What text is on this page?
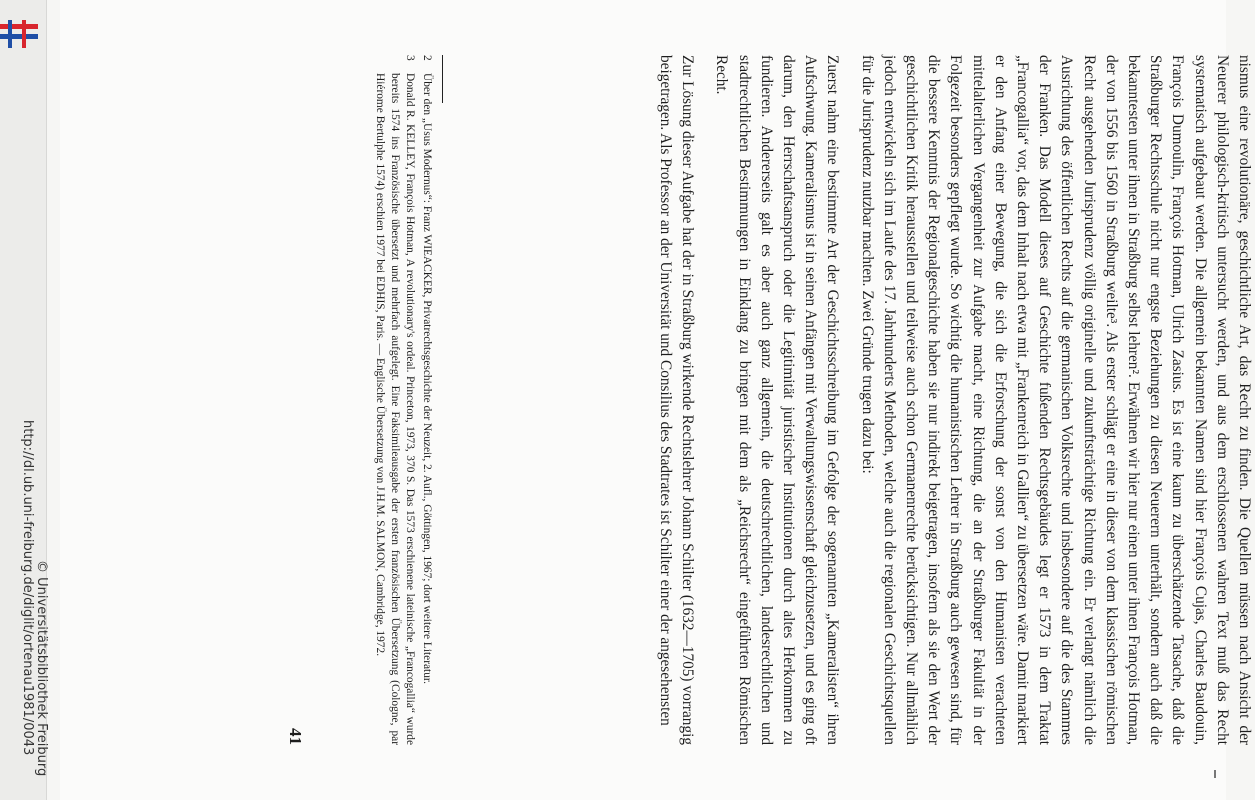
http://dl.ub.uni-freiburg.de/diglit/ortenau1981/0043 © Universitätsbibliothek Freiburg	nismus eine revolutionäre, geschichtliche Art, das Recht zu finden. Die Quellen müssen nach Ansicht der Neuerer philologisch-kritisch untersucht werden, und aus dem erschlossenen wahren Text muß das Recht systematisch aufgebaut werden. Die allgemein bekannten Namen sind hier François Cujas, Charles Baudouin, François Dumoulin, François Hotman, Ulrich Zasius. Es ist eine kaum zu überschätzende Tatsache, daß die Straßburger Rechtsschule nicht nur engste Beziehungen zu diesen Neuerern unterhält, sondern auch daß die bekanntesten unter ihnen in Straßburg selbst lehren². Erwähnen wir hier nur einen unter ihnen François Hotman, der von 1556 bis 1560 in Straßburg weilte³. Als erster schlägt er eine in dieser von dem klassischen römischen Recht ausgehenden Jurisprudenz völlig originelle und zukunftsträchtige Richtung ein. Er verlangt nämlich die Ausrichtung des öffentlichen Rechts auf die germanischen Volksrechte und insbesondere auf die des Stammes der Franken. Das Modell dieses auf Geschichte fußenden Rechtsgebäudes legt er 1573 in dem Traktat „Francogallia“ vor, das dem Inhalt nach etwa mit „Frankenreich in Gallien“ zu übersetzen wäre. Damit markiert er den Anfang einer Bewegung, die sich die Erforschung der sonst von den Humanisten verachteten mittelalterlichen Vergangenheit zur Aufgabe macht, eine Richtung, die an der Straßburger Fakultät in der Folgezeit besonders gepflegt wurde. So wichtig die humanistischen Lehrer in Straßburg auch gewesen sind, für die bessere Kenntnis der Regionalgeschichte haben sie nur indirekt beigetragen, insofern als sie den Wert der geschichtlichen Kritik herausstellen und teilweise auch schon Germanenrechte berücksichtigen. Nur allmählich jedoch entwickeln sich im Laufe des 17. Jahrhunderts Methoden, welche auch die regionalen Geschichtsquellen für die Jurisprudenz nutzbar machten. Zwei Gründe trugen dazu bei:

Zuerst nahm eine bestimmte Art der Geschichtsschreibung im Gefolge der sogenannten „Kameralisten“ ihren Aufschwung. Kameralismus ist in seinen Anfängen mit Verwaltungswissenschaft gleichzusetzen, und es ging oft darum, den Herrschaftsanspruch oder die Legitimität juristischer Institutionen durch altes Herkommen zu fundieren. Andererseits galt es aber auch ganz allgemein, die deutschrechtlichen, landesrechtlichen und stadtrechtlichen Bestimmungen in Einklang zu bringen mit dem als „Reichsrecht“ eingeführten Römischen Recht.

Zur Lösung dieser Aufgabe hat der in Straßburg wirkende Rechtslehrer Johann Schilter (1632—1705) vorrangig beigetragen. Als Professor an der Universität und Consilius des Stadtrates ist Schilter einer der angesehensten

2
Über den „Usus Modernus“: Franz WIEACKER, Privatrechtsgeschichte der Neuzeit, 2. Aufl., Göttingen, 1967; dort weitere Literatur.
3
Donald R. KELLEY, François Hotman, A revolutionary's ordeal. Princeton, 1973, 370 S. Das 1573 erschienene lateinische „Francogallia“ wurde bereits 1574 ins Französische übersetzt und mehrfach aufgelegt. Eine Faksimileausgabe der ersten französischen Übersetzung (Cologne, par Hiérome Bertulphe 1574) erschien 1977 bei EDHIS, Paris. — Englische Übersetzung von J.H.M. SALMON, Cambridge, 1972.
41
